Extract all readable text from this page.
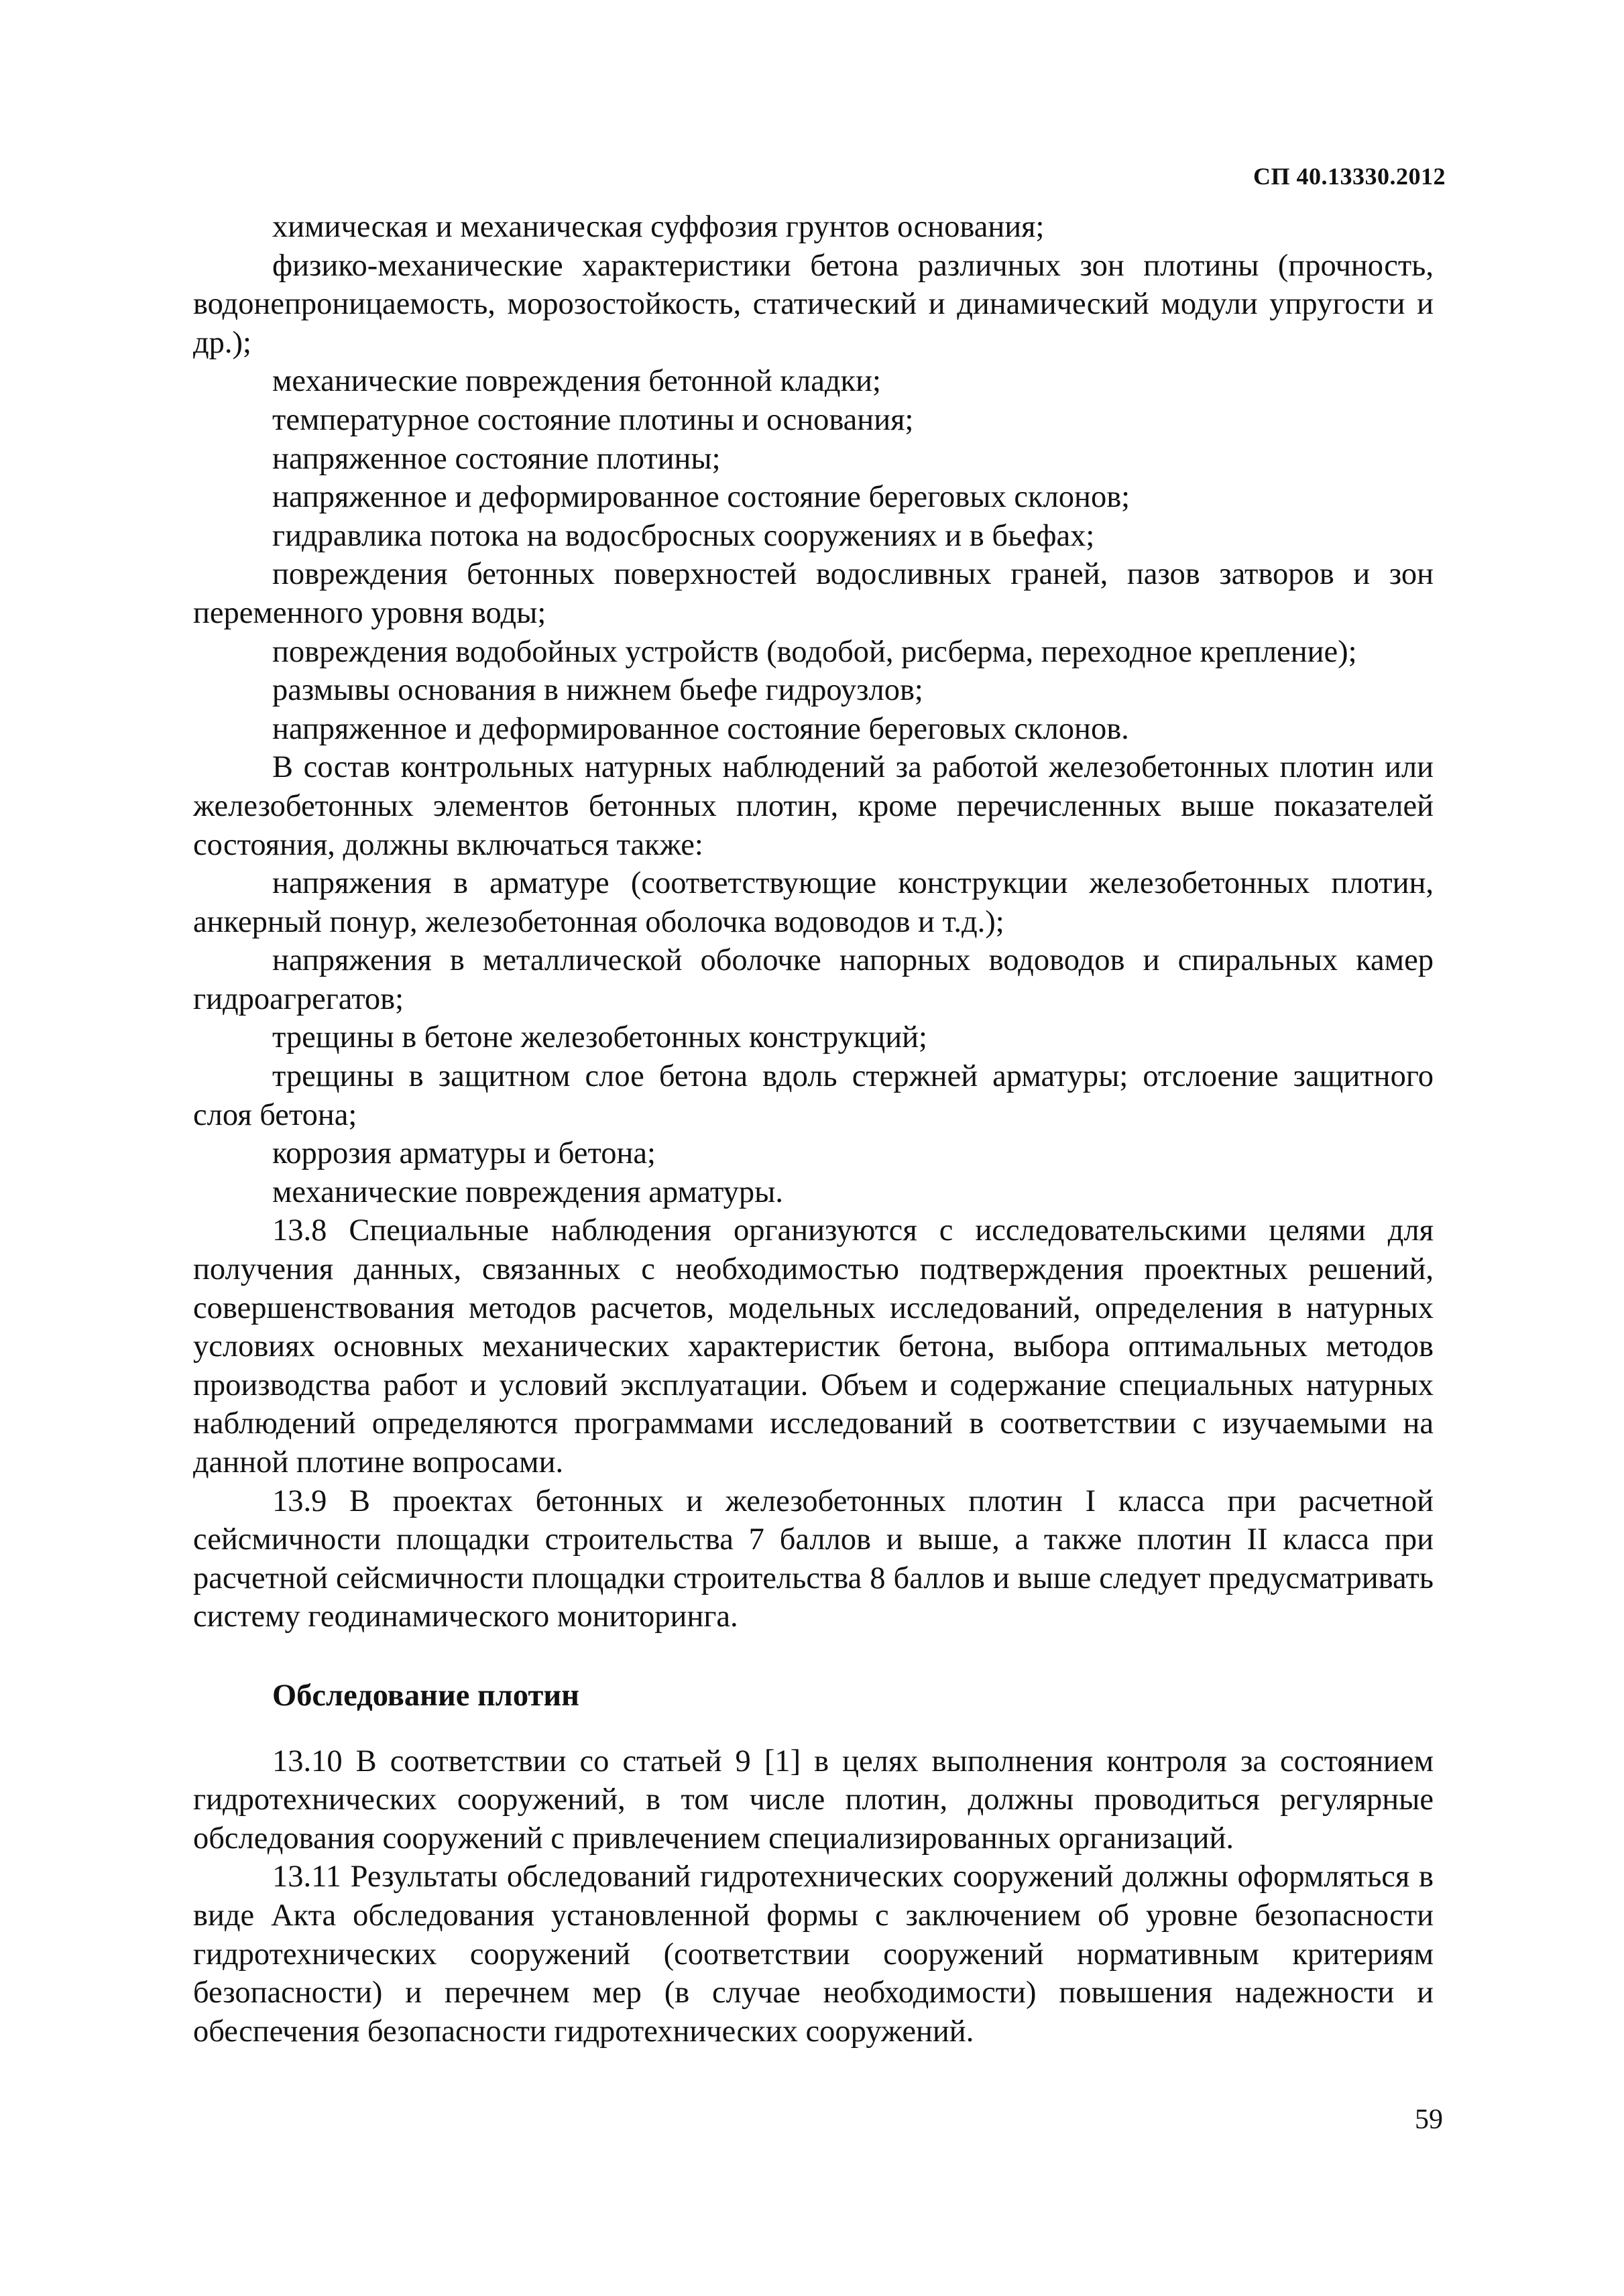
СП 40.13330.2012

химическая и механическая суффозия грунтов основания;

физико-механические характеристики бетона различных зон плотины (прочность, водонепроницаемость, морозостойкость, статический и динамический модули упругости и др.);

механические повреждения бетонной кладки;

температурное состояние плотины и основания;

напряженное состояние плотины;

напряженное и деформированное состояние береговых склонов;

гидравлика потока на водосбросных сооружениях и в бьефах;

повреждения бетонных поверхностей водосливных граней, пазов затворов и зон переменного уровня воды;

повреждения водобойных устройств (водобой, рисберма, переходное крепление);

размывы основания в нижнем бьефе гидроузлов;

напряженное и деформированное состояние береговых склонов.

В состав контрольных натурных наблюдений за работой железобетонных плотин или железобетонных элементов бетонных плотин, кроме перечисленных выше показателей состояния, должны включаться также:

напряжения в арматуре (соответствующие конструкции железобетонных плотин, анкерный понур, железобетонная оболочка водоводов и т.д.);

напряжения в металлической оболочке напорных водоводов и спиральных камер гидроагрегатов;

трещины в бетоне железобетонных конструкций;

трещины в защитном слое бетона вдоль стержней арматуры; отслоение защитного слоя бетона;

коррозия арматуры и бетона;

механические повреждения арматуры.

13.8 Специальные наблюдения организуются с исследовательскими целями для получения данных, связанных с необходимостью подтверждения проектных решений, совершенствования методов расчетов, модельных исследований, определения в натурных условиях основных механических характеристик бетона, выбора оптимальных методов производства работ и условий эксплуатации. Объем и содержание специальных натурных наблюдений определяются программами исследований в соответствии с изучаемыми на данной плотине вопросами.

13.9 В проектах бетонных и железобетонных плотин I класса при расчетной сейсмичности площадки строительства 7 баллов и выше, а также плотин II класса при расчетной сейсмичности площадки строительства 8 баллов и выше следует предусматривать систему геодинамического мониторинга.

Обследование плотин

13.10 В соответствии со статьей 9 [1] в целях выполнения контроля за состоянием гидротехнических сооружений, в том числе плотин, должны проводиться регулярные обследования сооружений с привлечением специализированных организаций.

13.11 Результаты обследований гидротехнических сооружений должны оформляться в виде Акта обследования установленной формы с заключением об уровне безопасности гидротехнических сооружений (соответствии сооружений нормативным критериям безопасности) и перечнем мер (в случае необходимости) повышения надежности и обеспечения безопасности гидротехнических сооружений.

59
